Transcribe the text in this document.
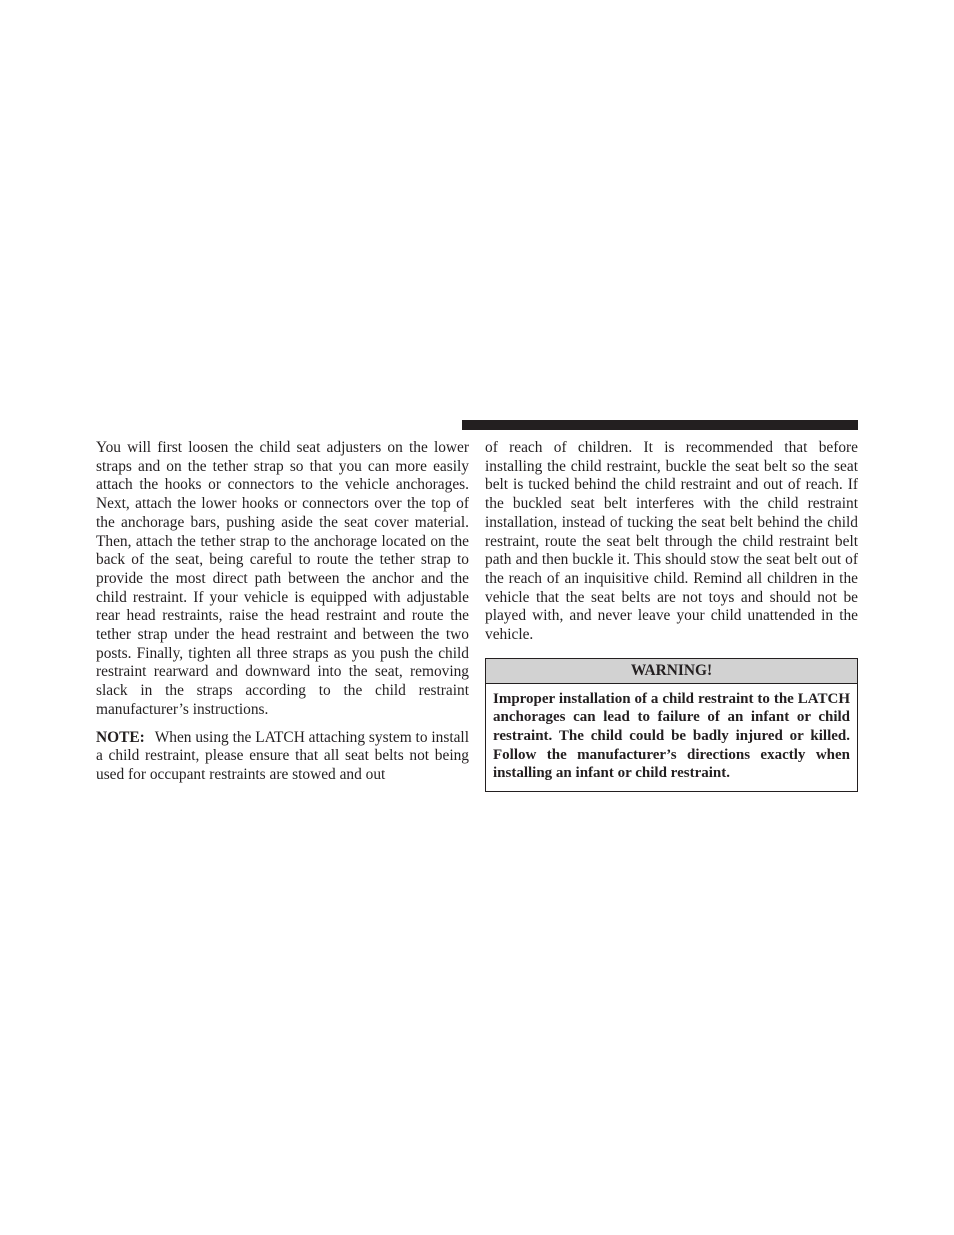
You will first loosen the child seat adjusters on the lower straps and on the tether strap so that you can more easily attach the hooks or connectors to the vehicle anchorages. Next, attach the lower hooks or connectors over the top of the anchorage bars, pushing aside the seat cover material. Then, attach the tether strap to the anchorage located on the back of the seat, being careful to route the tether strap to provide the most direct path between the anchor and the child restraint. If your vehicle is equipped with adjustable rear head restraints, raise the head restraint and route the tether strap under the head restraint and between the two posts. Finally, tighten all three straps as you push the child restraint rearward and downward into the seat, removing slack in the straps according to the child restraint manufacturer’s instructions.

NOTE: When using the LATCH attaching system to install a child restraint, please ensure that all seat belts not being used for occupant restraints are stowed and out

of reach of children. It is recommended that before installing the child restraint, buckle the seat belt so the seat belt is tucked behind the child restraint and out of reach. If the buckled seat belt interferes with the child restraint installation, instead of tucking the seat belt behind the child restraint, route the seat belt through the child restraint belt path and then buckle it. This should stow the seat belt out of the reach of an inquisitive child. Remind all children in the vehicle that the seat belts are not toys and should not be played with, and never leave your child unattended in the vehicle.

WARNING!
Improper installation of a child restraint to the LATCH anchorages can lead to failure of an infant or child restraint. The child could be badly injured or killed. Follow the manufacturer’s directions exactly when installing an infant or child restraint.
